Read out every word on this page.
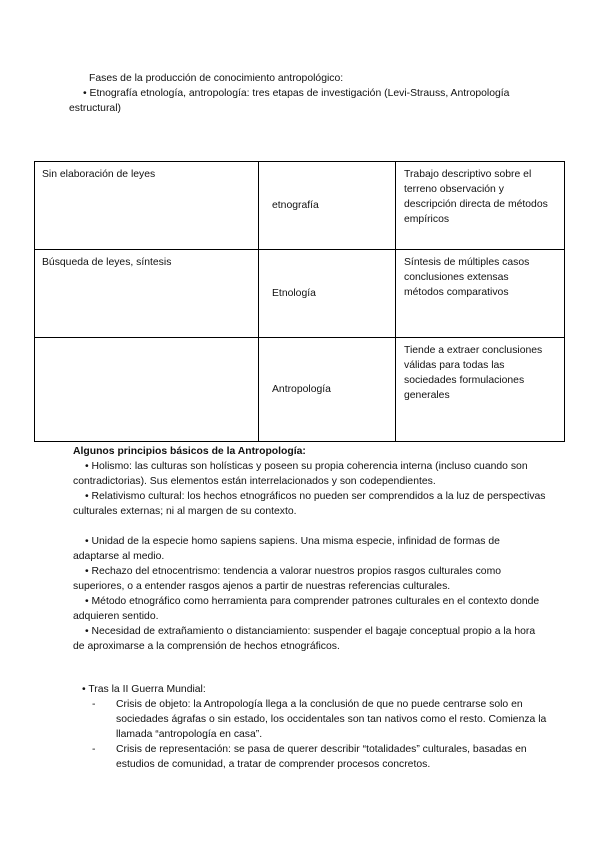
Fases de la producción de conocimiento antropológico:
• Etnografía etnología, antropología: tres etapas de investigación (Levi-Strauss, Antropología
estructural)
Sin elaboración de leyes	etnografía	Trabajo descriptivo sobre el
terreno observación y
descripción directa de métodos
empíricos

Búsqueda de leyes, síntesis	Etnología	Síntesis de múltiples casos
conclusiones extensas
métodos comparativos

	Antropología	Tiende a extraer conclusiones
válidas para todas las
sociedades formulaciones
generales
Algunos principios básicos de la Antropología:
• Holismo: las culturas son holísticas y poseen su propia coherencia interna (incluso cuando son
contradictorias). Sus elementos están interrelacionados y son codependientes.
• Relativismo cultural: los hechos etnográficos no pueden ser comprendidos a la luz de perspectivas
culturales externas; ni al margen de su contexto.
• Unidad de la especie homo sapiens sapiens. Una misma especie, infinidad de formas de
adaptarse al medio.
• Rechazo del etnocentrismo: tendencia a valorar nuestros propios rasgos culturales como
superiores, o a entender rasgos ajenos a partir de nuestras referencias culturales.
• Método etnográfico como herramienta para comprender patrones culturales en el contexto donde
adquieren sentido.
• Necesidad de extrañamiento o distanciamiento: suspender el bagaje conceptual propio a la hora
de aproximarse a la comprensión de hechos etnográficos.
• Tras la II Guerra Mundial:
- Crisis de objeto: la Antropología llega a la conclusión de que no puede centrarse solo en
sociedades ágrafas o sin estado, los occidentales son tan nativos como el resto. Comienza la
llamada “antropología en casa”.
- Crisis de representación: se pasa de querer describir “totalidades” culturales, basadas en
estudios de comunidad, a tratar de comprender procesos concretos.
